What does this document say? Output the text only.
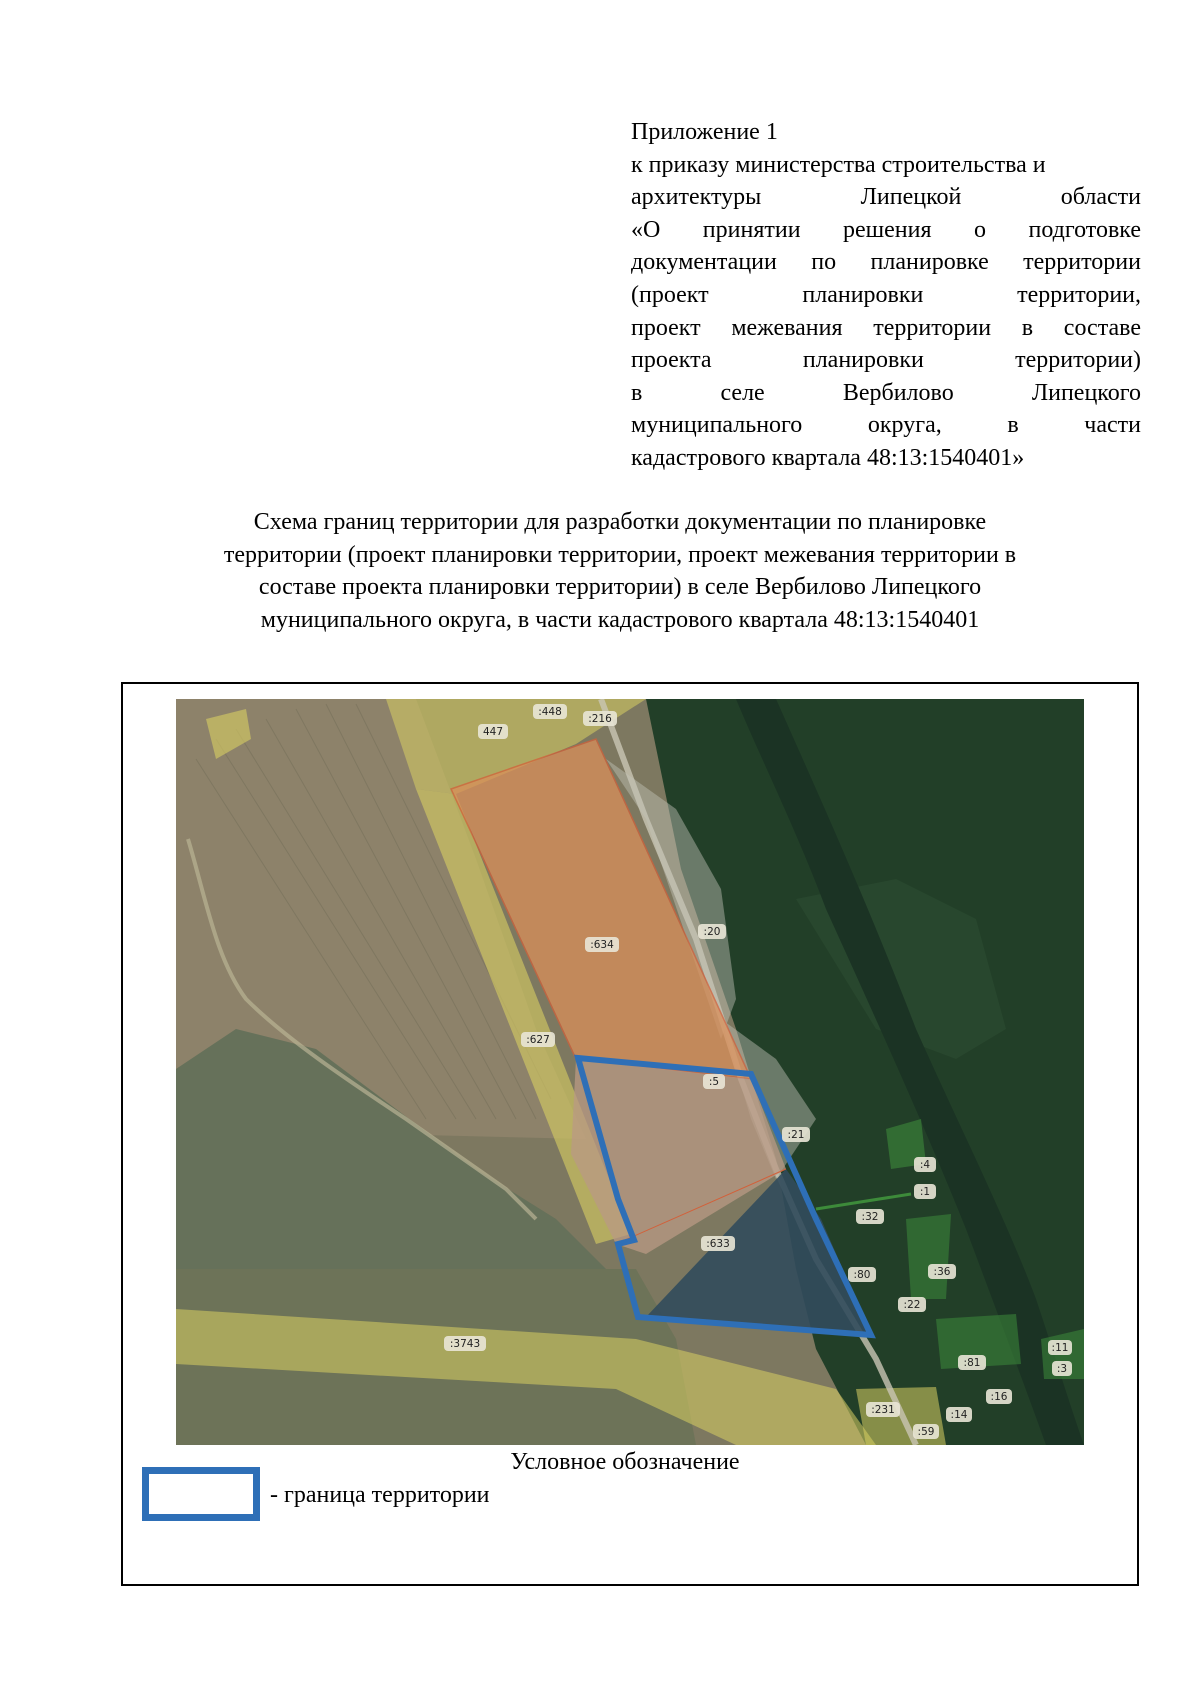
Приложение 1
к приказу министерства строительства и
архитектуры Липецкой области
«О принятии решения о подготовке
документации по планировке территории
(проект планировки территории,
проект межевания территории в составе
проекта планировки территории)
в селе Вербилово Липецкого
муниципального округа, в части
кадастрового квартала 48:13:1540401»
Схема границ территории для разработки документации по планировке
территории (проект планировки территории, проект межевания территории в
составе проекта планировки территории) в селе Вербилово Липецкого
муниципального округа, в части кадастрового квартала 48:13:1540401
:448
:216
447
:634
:20
:627
:5
:21
:4
:1
:32
:633
:36
:80
:22
:3743
:81
:11
:3
:16
:231	:14
:59
Условное обозначение
- граница территории
